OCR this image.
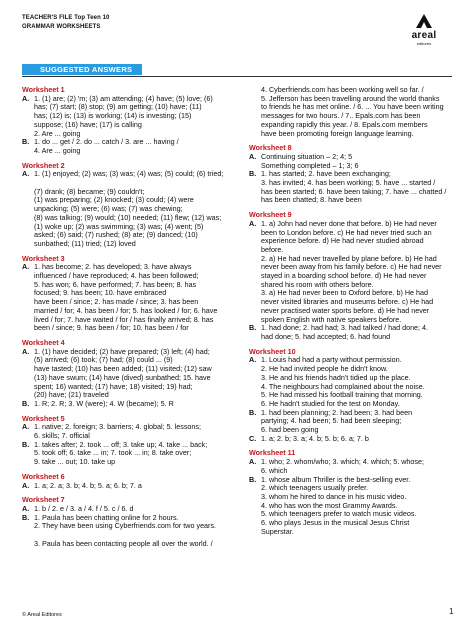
TEACHER'S FILE Top Teen 10
GRAMMAR WORKSHEETS
areal
editores
SUGGESTED ANSWERS
Worksheet 1
A. 1. (1) are; (2) 'm; (3) am attending; (4) have; (5) love; (6)
has; (7) start; (8) stop; (9) am getting; (10) have; (11)
has; (12) is; (13) is working; (14) is investing; (15)
suppose; (16) have; (17) is calling
2. Are ... going
B. 1. do ... get / 2. do ... catch / 3. are ... having /
4. Are ... going
Worksheet 2
A. 1. (1) enjoyed; (2) was; (3) was; (4) was; (5) could; (6) tried;

(7) drank; (8) became; (9) couldn't;
(1) was preparing; (2) knocked; (3) could; (4) were
unpacking; (5) were; (6) was; (7) was chewing;
(8) was talking; (9) would; (10) needed; (11) flew; (12) was;
(1) woke up; (2) was swimming; (3) was; (4) went; (5)
asked; (6) said; (7) rushed; (8) ate; (9) danced; (10)
sunbathed; (11) tried; (12) loved
Worksheet 3
A. 1. has become; 2. has developed; 3. have always
influenced / have reproduced; 4. has been followed;
5. has won; 6. have performed; 7. has been; 8. has
focused; 9. has been; 10. have embraced
have been / since; 2. has made / since; 3. has been
married / for; 4. has been / for; 5. has looked / for; 6. have
lived / for; 7. have waited / for / has finally arrived; 8. has
been / since; 9. has been / for; 10. has been / for
Worksheet 4
A. 1. (1) have decided; (2) have prepared; (3) left; (4) had;
(5) arrived; (6) took; (7) had; (8) could ... (9)
have tasted; (10) has been added; (11) visited; (12) saw
(13) have swum; (14) have (dived) sunbathed; 15. have
spent; 16) wanted; (17) have; 18) visited; 19) had;
(20) have; (21) traveled
B. 1. R; 2. R; 3. W (were); 4. W (became); 5. R
Worksheet 5
A. 1. native; 2. foreign; 3. barriers; 4. global; 5. lessons;
6. skills; 7. official
B. 1. takes after; 2. took ... off; 3. take up; 4. take ... back;
5. took off; 6. take ... in; 7. took ... in; 8. take over;
9. take ... out; 10. take up
Worksheet 6
A. 1. a; 2. a; 3. b; 4. b; 5. a; 6. b; 7. a
Worksheet 7
A. 1. b / 2. e / 3. a / 4. f / 5. c / 6. d
B. 1. Paula has been chatting online for 2 hours.
2. They have been using Cyberfriends.com for two years.

3. Paula has been contacting people all over the world. /
4. Cyberfriends.com has been working well so far. /
5. Jefferson has been travelling around the world thanks
to friends he has met online. / 6. ... You have been writing
messages for two hours. / 7.. Epals.com has been
expanding rapidly this year. / 8. Epals.com members
have been promoting foreign language learning.
Worksheet 8
A. Continuing situation – 2; 4; 5
Something completed – 1; 3; 6
B. 1. has started; 2. have been exchanging;
3. has invited; 4. has been working; 5. have ... started /
has been started; 6. have been taking; 7. have ... chatted /
has been chatted; 8. have been
Worksheet 9
A. 1. a) John had never done that before. b) He had never
been to London before. c) He had never tried such an
experience before. d) He had never studied abroad
before.
2. a) He had never travelled by plane before. b) He had
never been away from his family before. c) He had never
stayed in a boarding school before. d) He had never
shared his room with others before.
3. a) He had never been to Oxford before. b) He had
never visited libraries and museums before. c) He had
never practised water sports before. d) He had never
spoken English with native speakers before.
B. 1. had done; 2. had had; 3. had talked / had done; 4.
had done; 5. had accepted; 6. had found
Worksheet 10
A. 1. Louis had had a party without permission.
2. He had invited people he didn't know.
3. He and his friends hadn't tidied up the place.
4. The neighbours had complained about the noise.
5. He had missed his football training that morning.
6. He hadn't studied for the test on Monday.
B. 1. had been planning; 2. had been; 3. had been
partying; 4. had been; 5. had been sleeping;
6. had been going
C. 1. a; 2. b; 3. a; 4. b; 5. b; 6. a; 7. b
Worksheet 11
A. 1. who; 2. whom/who; 3. which; 4. which; 5. whose;
6. which
B. 1. whose album Thriller is the best-selling ever.
2. which teenagers usually prefer.
3. whom he hired to dance in his music video.
4. who has won the most Grammy Awards.
5. which teenagers prefer to watch music videos.
6. who plays Jesus in the musical Jesus Christ
Superstar.
© Areal Editores	1
